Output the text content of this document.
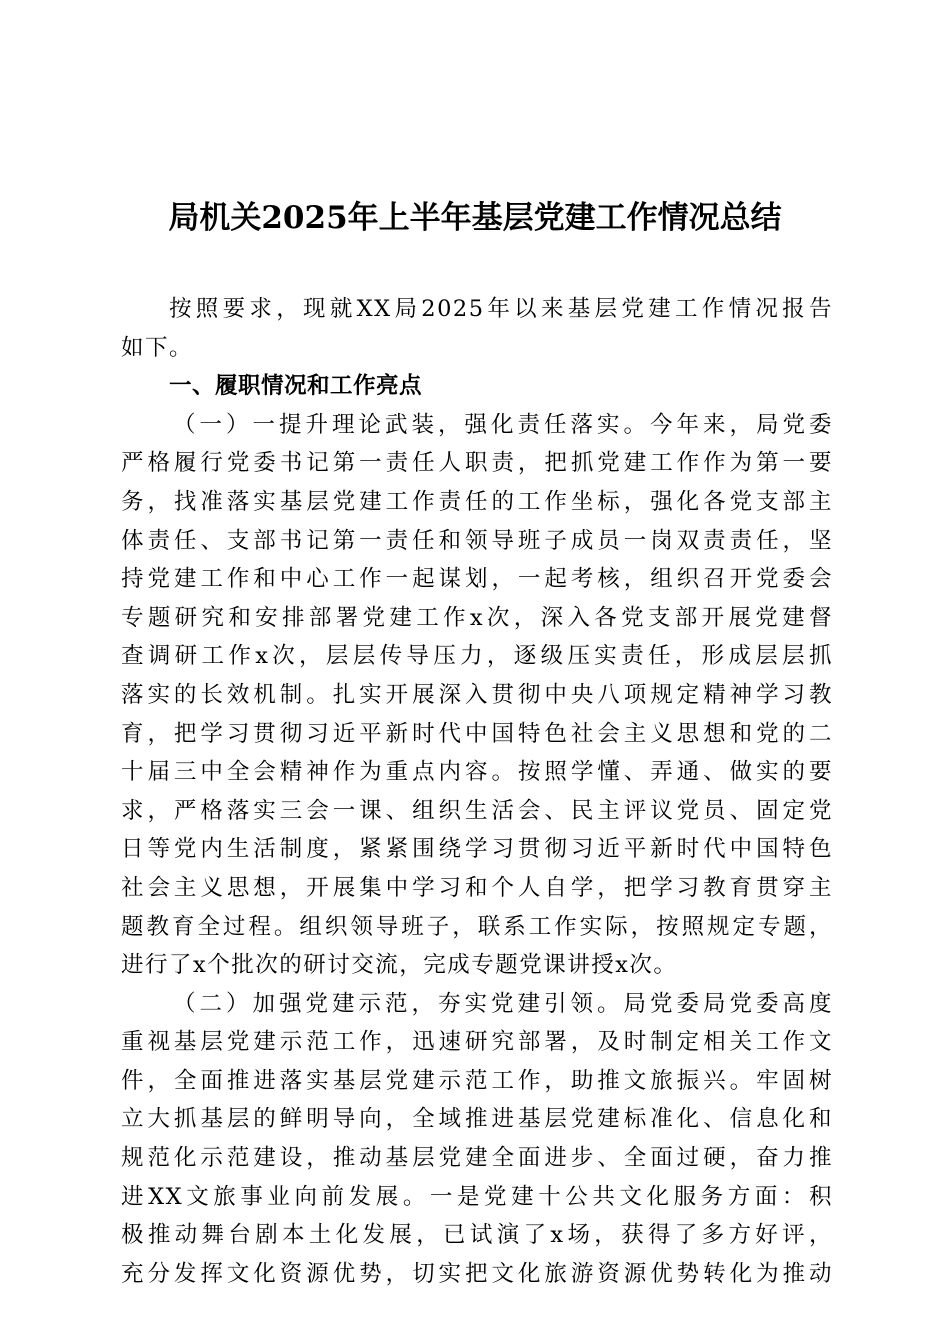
局机关2025年上半年基层党建工作情况总结
按照要求，现就XX局2025年以来基层党建工作情况报告
如下。
一、履职情况和工作亮点
（一）一提升理论武装，强化责任落实。今年来，局党委
严格履行党委书记第一责任人职责，把抓党建工作作为第一要
务，找准落实基层党建工作责任的工作坐标，强化各党支部主
体责任、支部书记第一责任和领导班子成员一岗双责责任，坚
持党建工作和中心工作一起谋划，一起考核，组织召开党委会
专题研究和安排部署党建工作x次，深入各党支部开展党建督
查调研工作x次，层层传导压力，逐级压实责任，形成层层抓
落实的长效机制。扎实开展深入贯彻中央八项规定精神学习教
育，把学习贯彻习近平新时代中国特色社会主义思想和党的二
十届三中全会精神作为重点内容。按照学懂、弄通、做实的要
求，严格落实三会一课、组织生活会、民主评议党员、固定党
日等党内生活制度，紧紧围绕学习贯彻习近平新时代中国特色
社会主义思想，开展集中学习和个人自学，把学习教育贯穿主
题教育全过程。组织领导班子，联系工作实际，按照规定专题，
进行了x个批次的研讨交流，完成专题党课讲授x次。
（二）加强党建示范，夯实党建引领。局党委局党委高度
重视基层党建示范工作，迅速研究部署，及时制定相关工作文
件，全面推进落实基层党建示范工作，助推文旅振兴。牢固树
立大抓基层的鲜明导向，全域推进基层党建标准化、信息化和
规范化示范建设，推动基层党建全面进步、全面过硬，奋力推
进XX文旅事业向前发展。一是党建十公共文化服务方面：积
极推动舞台剧本土化发展，已试演了x场，获得了多方好评，
充分发挥文化资源优势，切实把文化旅游资源优势转化为推动
